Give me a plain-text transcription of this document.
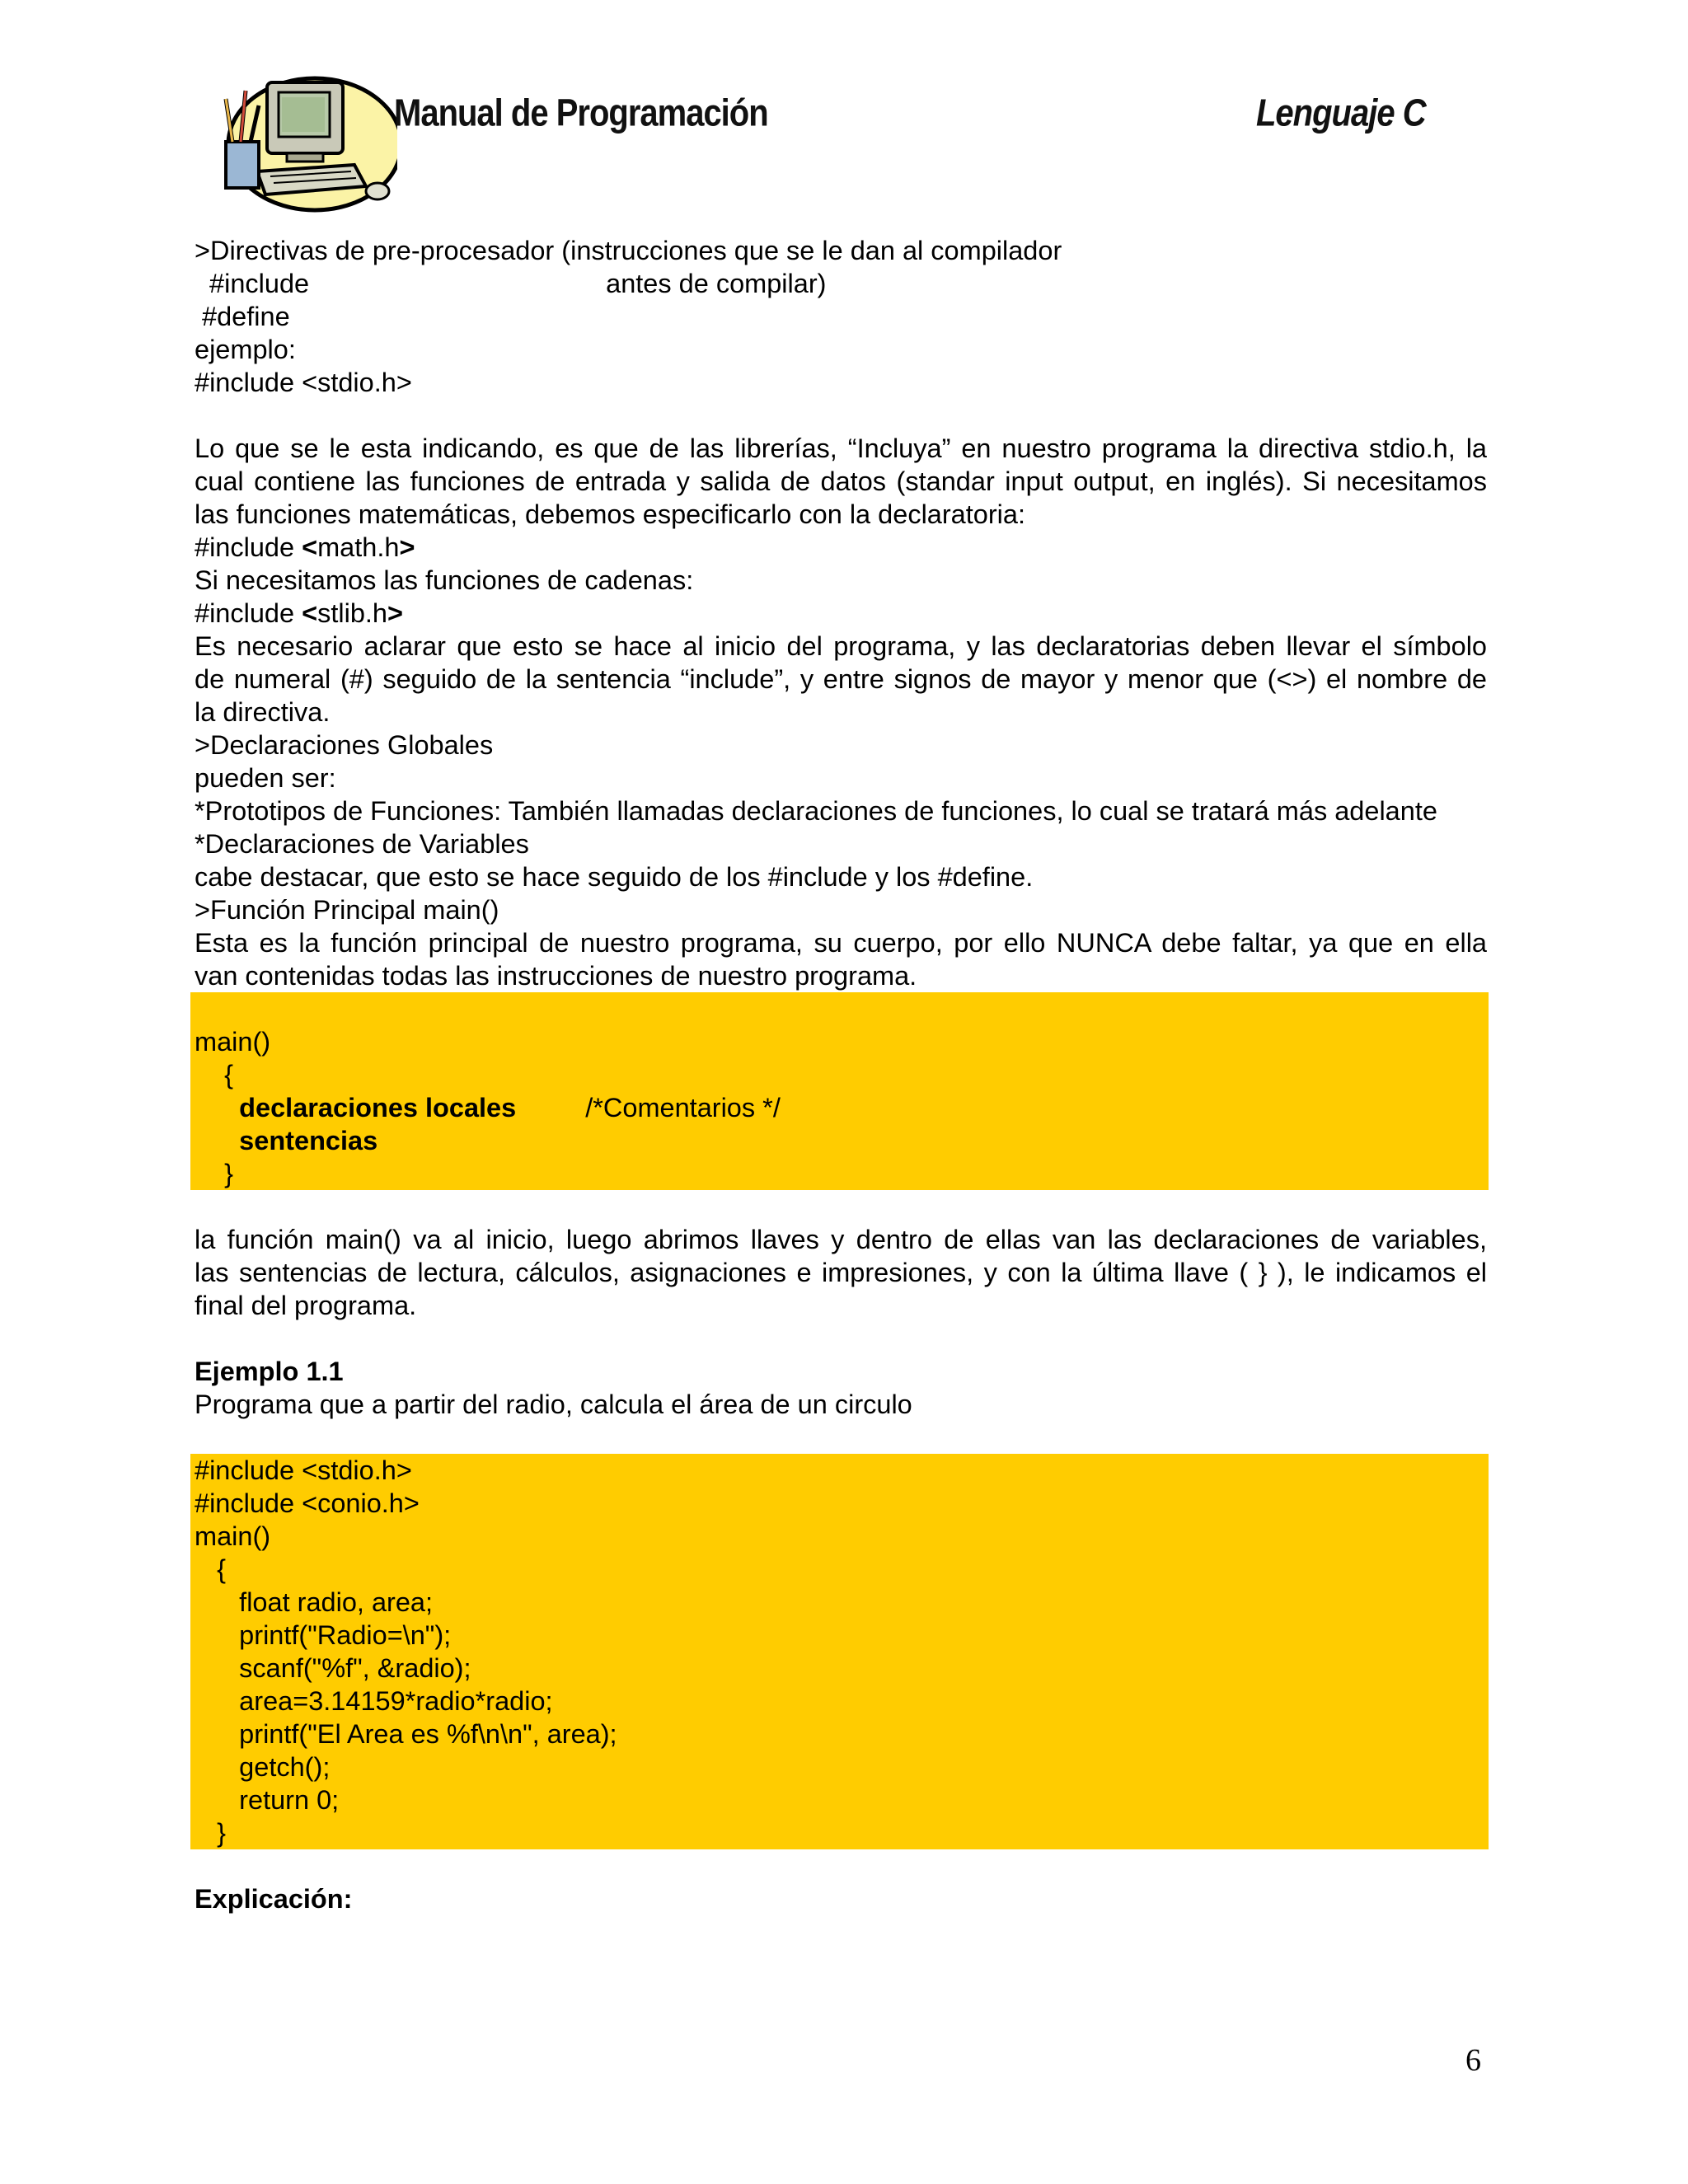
Manual de Programación	Lenguaje C
>Directivas de pre-procesador (instrucciones que se le dan al compilador
#include	antes de compilar)
#define
ejemplo:
#include <stdio.h>
Lo que se le esta indicando, es que de las librerías, “Incluya” en nuestro programa la directiva stdio.h, la
cual contiene las funciones de entrada y salida de datos (standar input output, en inglés). Si necesitamos
las funciones matemáticas, debemos especificarlo con la declaratoria:
#include <math.h>
Si necesitamos las funciones de cadenas:
#include <stlib.h>
Es necesario aclarar que esto se hace al inicio del programa, y las declaratorias deben llevar el símbolo
de numeral (#) seguido de la sentencia “include”, y entre signos de mayor y menor que (<>) el nombre de
la directiva.
>Declaraciones Globales
pueden ser:
*Prototipos de Funciones: También llamadas declaraciones de funciones, lo cual se tratará más adelante
*Declaraciones de Variables
cabe destacar, que esto se hace seguido de los #include y los #define.
>Función Principal main()
Esta es la función principal de nuestro programa, su cuerpo, por ello NUNCA debe faltar, ya que en ella
van contenidas todas las instrucciones de nuestro programa.
main()
{
declaraciones locales	/*Comentarios */
sentencias
}
la función main() va al inicio, luego abrimos llaves y dentro de ellas van las declaraciones de variables,
las sentencias de lectura, cálculos, asignaciones e impresiones, y con la última llave ( } ), le indicamos el
final del programa.
Ejemplo 1.1
Programa que a partir del radio, calcula el área de un circulo
#include <stdio.h>
#include <conio.h>
main()
{
float radio, area;
printf("Radio=\n");
scanf("%f", &radio);
area=3.14159*radio*radio;
printf("El Area es %f\n\n", area);
getch();
return 0;
}
Explicación:
6
